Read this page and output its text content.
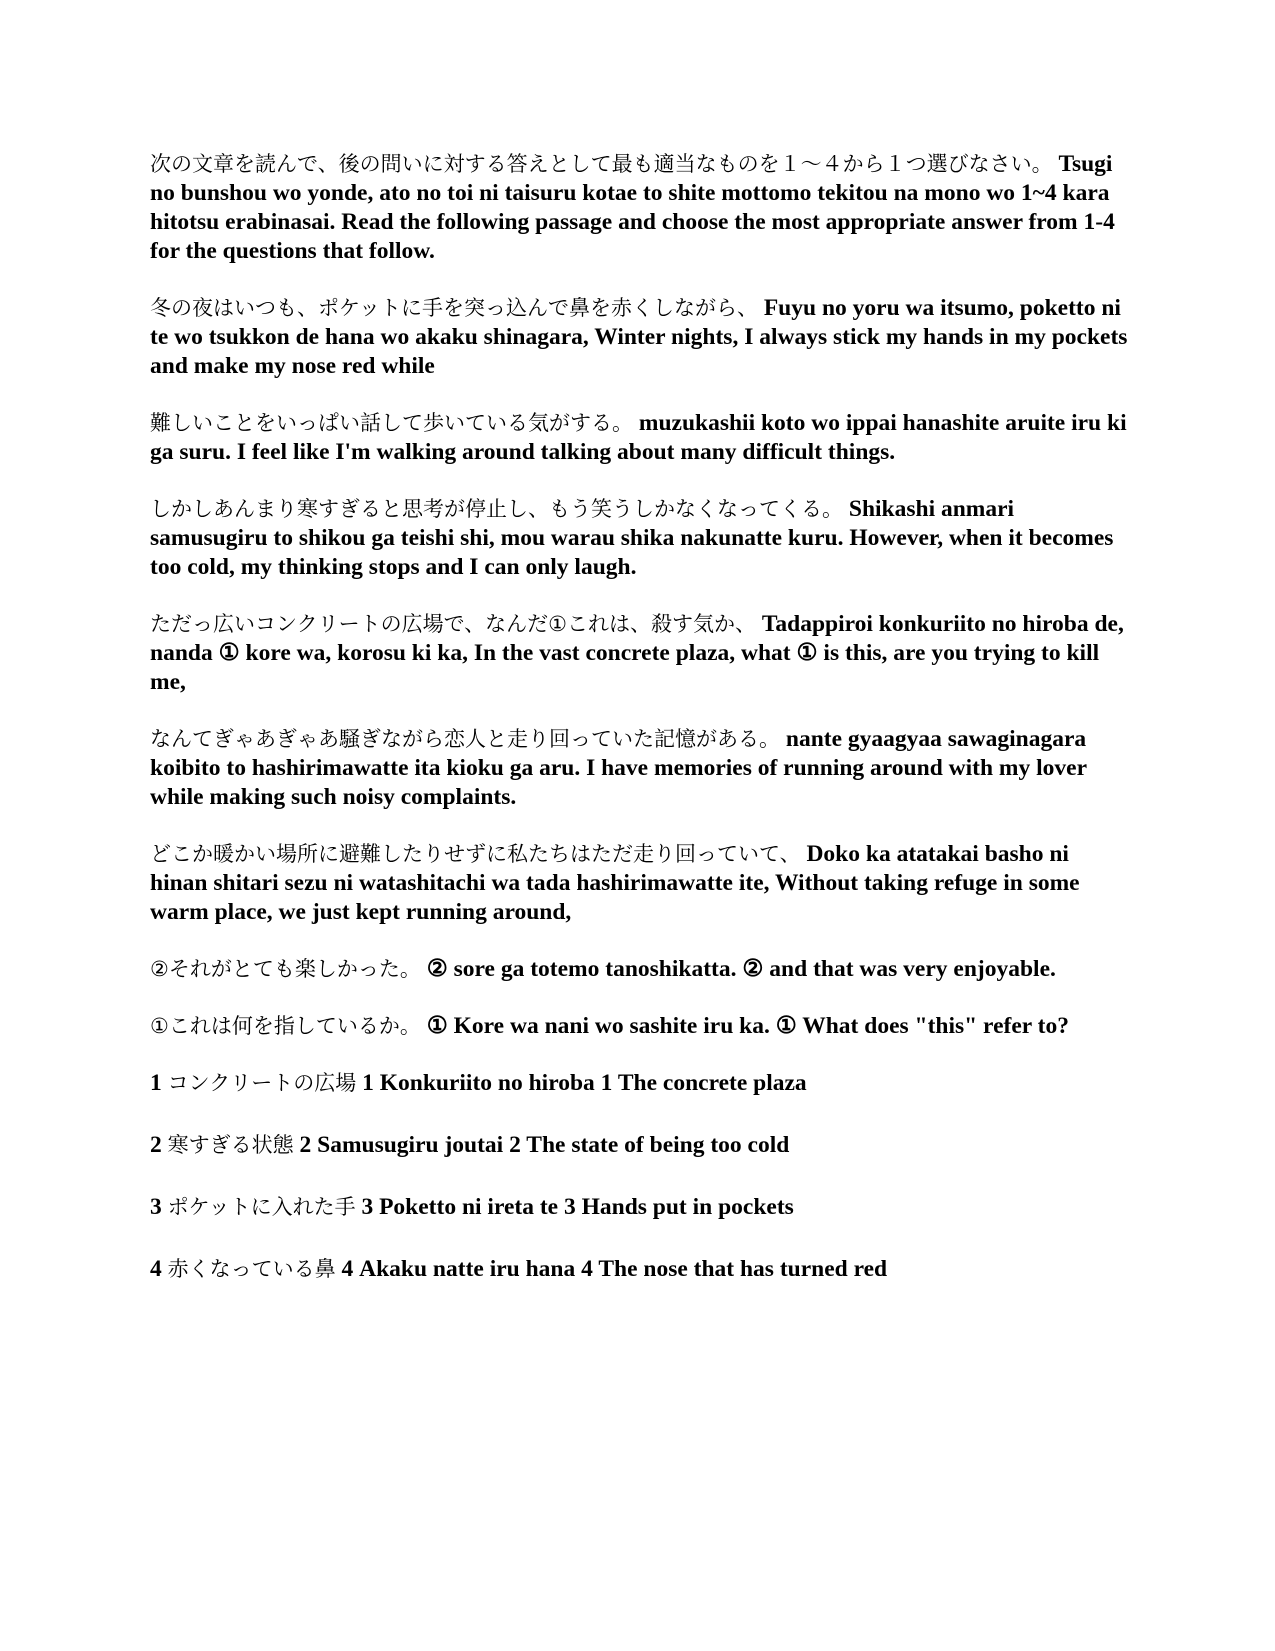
次の文章を読んで、後の問いに対する答えとして最も適当なものを１〜４から１つ選びなさい。 Tsugi no bunshou wo yonde, ato no toi ni taisuru kotae to shite mottomo tekitou na mono wo 1~4 kara hitotsu erabinasai. Read the following passage and choose the most appropriate answer from 1-4 for the questions that follow.

冬の夜はいつも、ポケットに手を突っ込んで鼻を赤くしながら、 Fuyu no yoru wa itsumo, poketto ni te wo tsukkon de hana wo akaku shinagara, Winter nights, I always stick my hands in my pockets and make my nose red while

難しいことをいっぱい話して歩いている気がする。 muzukashii koto wo ippai hanashite aruite iru ki ga suru. I feel like I'm walking around talking about many difficult things.

しかしあんまり寒すぎると思考が停止し、もう笑うしかなくなってくる。 Shikashi anmari samusugiru to shikou ga teishi shi, mou warau shika nakunatte kuru. However, when it becomes too cold, my thinking stops and I can only laugh.

ただっ広いコンクリートの広場で、なんだ①これは、殺す気か、 Tadappiroi konkuriito no hiroba de, nanda ① kore wa, korosu ki ka, In the vast concrete plaza, what ① is this, are you trying to kill me,

なんてぎゃあぎゃあ騒ぎながら恋人と走り回っていた記憶がある。 nante gyaagyaa sawaginagara koibito to hashirimawatte ita kioku ga aru. I have memories of running around with my lover while making such noisy complaints.

どこか暖かい場所に避難したりせずに私たちはただ走り回っていて、 Doko ka atatakai basho ni hinan shitari sezu ni watashitachi wa tada hashirimawatte ite, Without taking refuge in some warm place, we just kept running around,

②それがとても楽しかった。 ② sore ga totemo tanoshikatta. ② and that was very enjoyable.

①これは何を指しているか。 ① Kore wa nani wo sashite iru ka. ① What does "this" refer to?

1 コンクリートの広場 1 Konkuriito no hiroba 1 The concrete plaza

2 寒すぎる状態 2 Samusugiru joutai 2 The state of being too cold

3 ポケットに入れた手 3 Poketto ni ireta te 3 Hands put in pockets

4 赤くなっている鼻 4 Akaku natte iru hana 4 The nose that has turned red
